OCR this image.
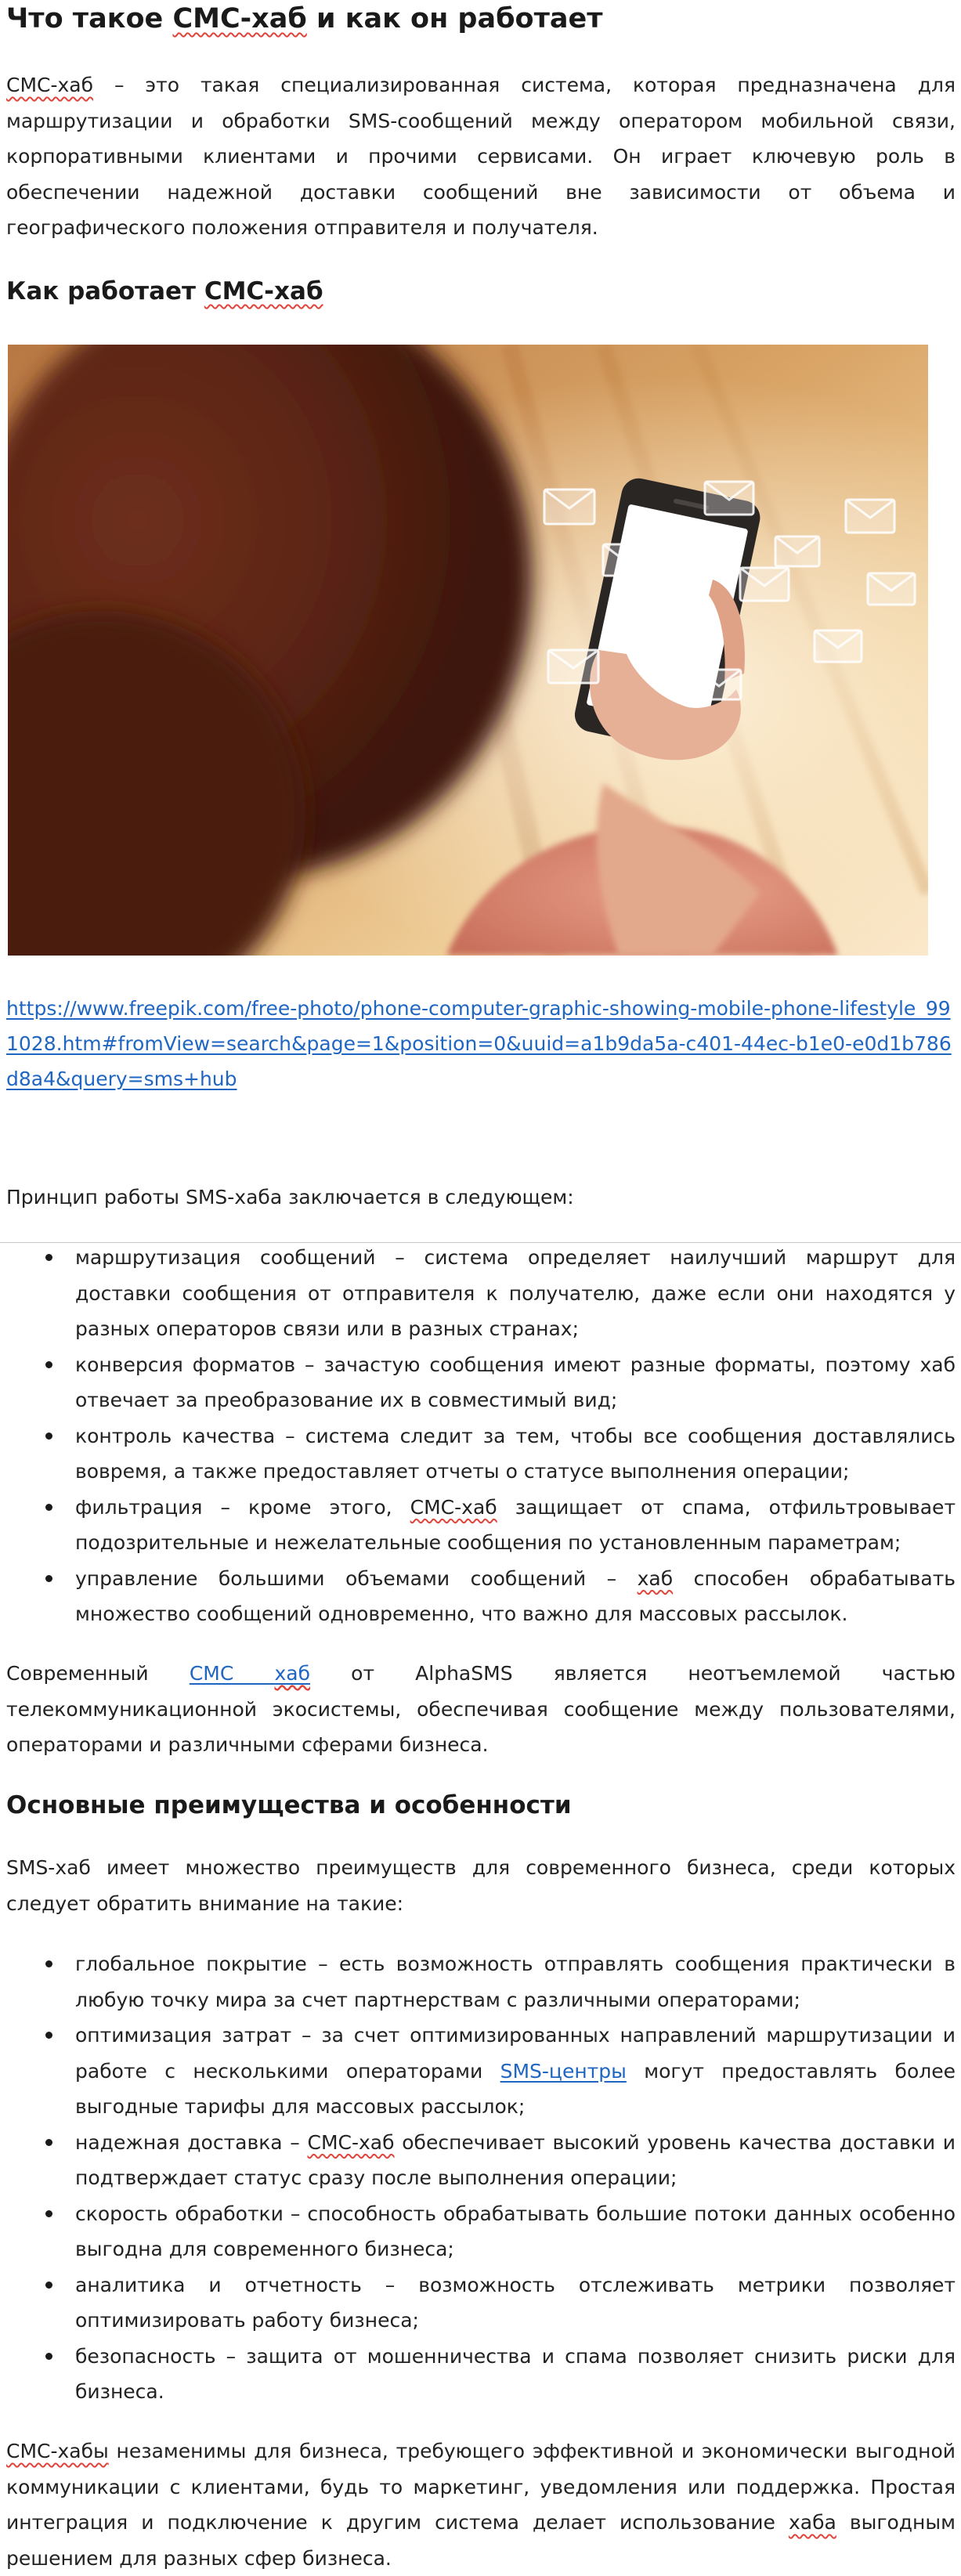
Что такое СМС-хаб и как он работает

СМС-хаб – это такая специализированная система, которая предназначена для маршрутизации и обработки SMS-сообщений между оператором мобильной связи, корпоративными клиентами и прочими сервисами. Он играет ключевую роль в обеспечении надежной доставки сообщений вне зависимости от объема и географического положения отправителя и получателя.

Как работает СМС-хаб
https://www.freepik.com/free-photo/phone-computer-graphic-showing-mobile-phone-lifestyle_991028.htm#fromView=search&page=1&position=0&uuid=a1b9da5a-c401-44ec-b1e0-e0d1b786d8a4&query=sms+hub

Принцип работы SMS-хаба заключается в следующем:

маршрутизация сообщений – система определяет наилучший маршрут для доставки сообщения от отправителя к получателю, даже если они находятся у разных операторов связи или в разных странах;
конверсия форматов – зачастую сообщения имеют разные форматы, поэтому хаб отвечает за преобразование их в совместимый вид;
контроль качества – система следит за тем, чтобы все сообщения доставлялись вовремя, а также предоставляет отчеты о статусе выполнения операции;
фильтрация – кроме этого, СМС-хаб защищает от спама, отфильтровывает подозрительные и нежелательные сообщения по установленным параметрам;
управление большими объемами сообщений – хаб способен обрабатывать множество сообщений одновременно, что важно для массовых рассылок.

Современный СМС хаб от AlphaSMS является неотъемлемой частью телекоммуникационной экосистемы, обеспечивая сообщение между пользователями, операторами и различными сферами бизнеса.

Основные преимущества и особенности

SMS-хаб имеет множество преимуществ для современного бизнеса, среди которых следует обратить внимание на такие:

глобальное покрытие – есть возможность отправлять сообщения практически в любую точку мира за счет партнерствам с различными операторами;
оптимизация затрат – за счет оптимизированных направлений маршрутизации и работе с несколькими операторами SMS-центры могут предоставлять более выгодные тарифы для массовых рассылок;
надежная доставка – СМС-хаб обеспечивает высокий уровень качества доставки и подтверждает статус сразу после выполнения операции;
скорость обработки – способность обрабатывать большие потоки данных особенно выгодна для современного бизнеса;
аналитика и отчетность – возможность отслеживать метрики позволяет оптимизировать работу бизнеса;
безопасность – защита от мошенничества и спама позволяет снизить риски для бизнеса.

СМС-хабы незаменимы для бизнеса, требующего эффективной и экономически выгодной коммуникации с клиентами, будь то маркетинг, уведомления или поддержка. Простая интеграция и подключение к другим система делает использование хаба выгодным решением для разных сфер бизнеса.
